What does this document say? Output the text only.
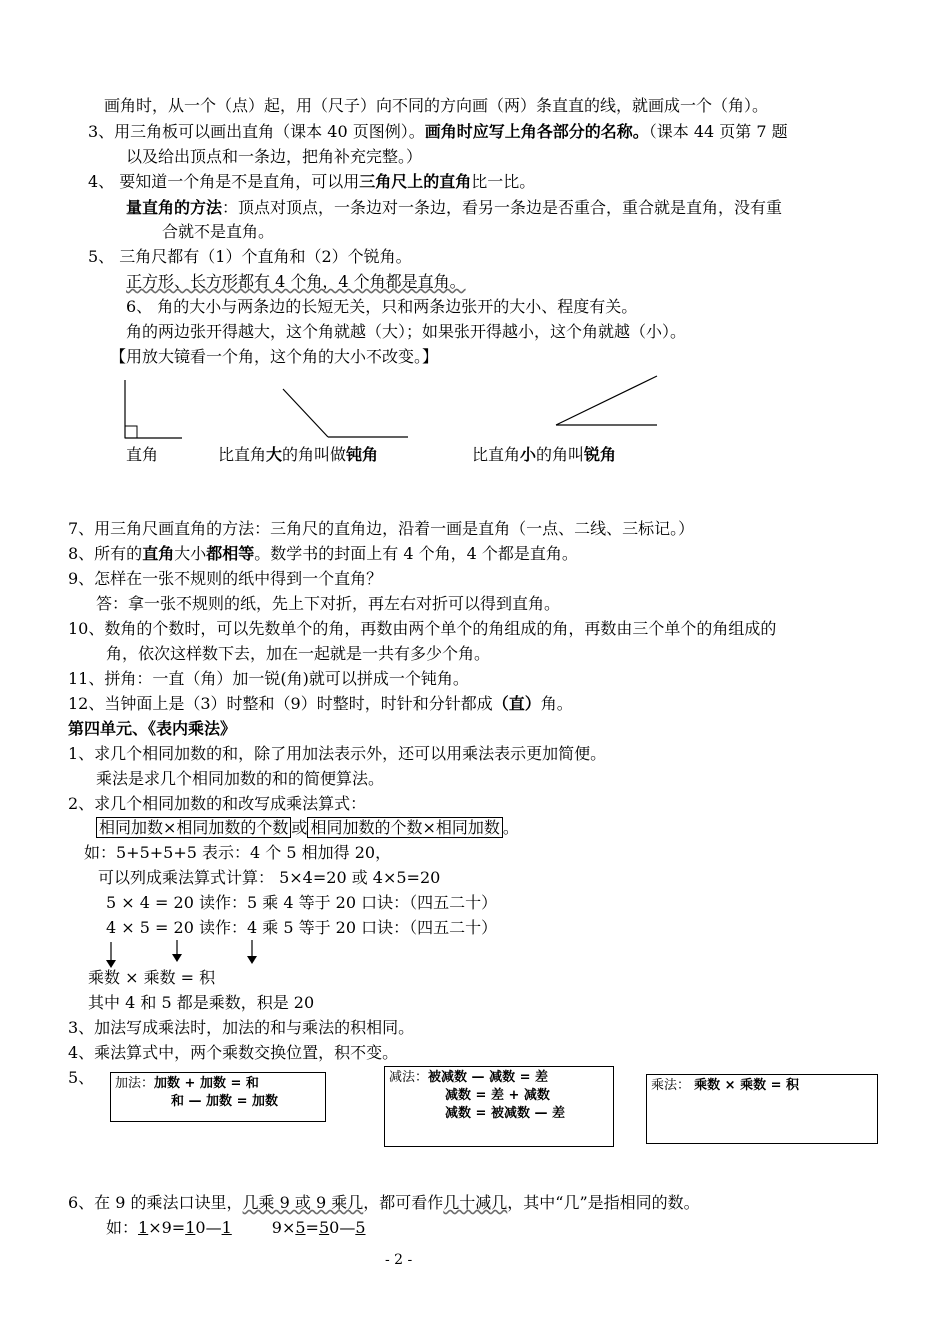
画角时，从一个（点）起，用（尺子）向不同的方向画（两）条直直的线，就画成一个（角）。
3、用三角板可以画出直角（课本 40 页图例）。画角时应写上角各部分的名称。（课本 44 页第 7 题
以及给出顶点和一条边，把角补充完整。）
4、 要知道一个角是不是直角，可以用三角尺上的直角比一比。
量直角的方法：顶点对顶点，一条边对一条边，看另一条边是否重合，重合就是直角，没有重
合就不是直角。
5、 三角尺都有（1）个直角和（2）个锐角。
正方形、长方形都有 4 个角，4 个角都是直角。
6、 角的大小与两条边的长短无关，只和两条边张开的大小、程度有关。
角的两边张开得越大，这个角就越（大）；如果张开得越小，这个角就越（小）。
【用放大镜看一个角，这个角的大小不改变。】
直角	比直角大的角叫做钝角	比直角小的角叫锐角
7、用三角尺画直角的方法：三角尺的直角边，沿着一画是直角（一点、二线、三标记。）
8、所有的直角大小都相等。数学书的封面上有 4 个角，4 个都是直角。
9、怎样在一张不规则的纸中得到一个直角？
答：拿一张不规则的纸，先上下对折，再左右对折可以得到直角。
10、数角的个数时，可以先数单个的角，再数由两个单个的角组成的角，再数由三个单个的角组成的
角，依次这样数下去，加在一起就是一共有多少个角。
11、拼角：一直（角）加一锐(角)就可以拼成一个钝角。
12、当钟面上是（3）时整和（9）时整时，时针和分针都成（直）角。
第四单元、《表内乘法》
1、求几个相同加数的和，除了用加法表示外，还可以用乘法表示更加简便。
乘法是求几个相同加数的和的简便算法。
2、求几个相同加数的和改写成乘法算式：
相同加数×相同加数的个数 或 相同加数的个数×相同加数 。
如：5+5+5+5 表示：4 个 5 相加得 20，
可以列成乘法算式计算： 5×4=20 或 4×5=20
5 × 4 = 20 读作：5 乘 4 等于 20 口诀：（四五二十）
4 × 5 = 20 读作：4 乘 5 等于 20 口诀：（四五二十）
乘数 × 乘数 = 积
其中 4 和 5 都是乘数，积是 20
3、加法写成乘法时，加法的和与乘法的积相同。
4、乘法算式中，两个乘数交换位置，积不变。
5、 加法：加数 + 加数 = 和
和 — 加数 = 加数
减法：被减数 — 减数 = 差
减数 = 差 + 减数
减数 = 被减数 — 差
乘法： 乘数 × 乘数 = 积
6、在 9 的乘法口诀里，几乘 9 或 9 乘几，都可看作几十减几，其中“几”是指相同的数。
如：1×9=10—1	9×5=50—5
- 2 -
